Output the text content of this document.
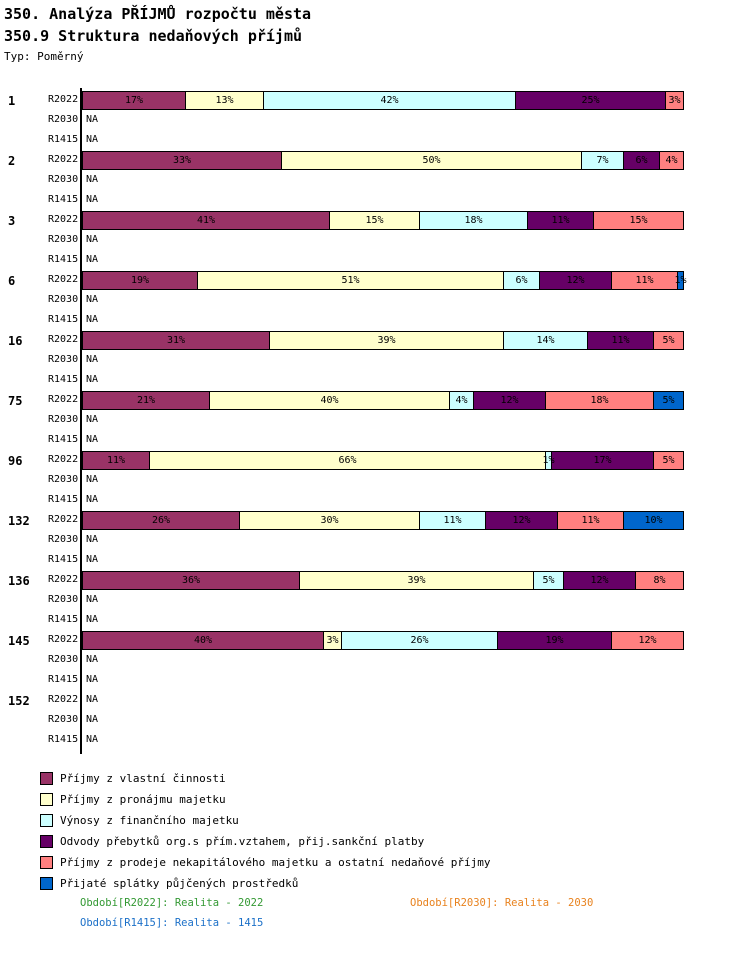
350. Analýza PŘÍJMŮ rozpočtu města
350.9 Struktura nedaňových příjmů
Typ: Poměrný
1	R2022	17%	13%	42%	25%	3%
R2030 NA
R1415 NA
2	R2022	33%	50%	7%	6% 4%
R2030 NA
R1415 NA
3	R2022	41%	15%	18%	11%	15%
R2030 NA
R1415 NA
6	R2022	19%	51%	6%	12%	11% 1%
R2030 NA
R1415 NA
16	R2022	31%	39%	14%	11%	5%
R2030 NA
R1415 NA
75	R2022	21%	40%	4%	12%	18%	5%
R2030 NA
R1415 NA
96	R2022	11%	66%	1%	17%	5%
R2030 NA
R1415 NA
132 R2022	26%	30%	11%	12%	11%	10%
R2030 NA
R1415 NA
136 R2022	36%	39%	5%	12%	8%
R2030 NA
R1415 NA
145 R2022	40%	3%	26%	19%	12%
R2030 NA
R1415 NA
152 R2022 NA
R2030 NA
R1415 NA
Příjmy z vlastní činnosti
Příjmy z pronájmu majetku
Výnosy z finančního majetku
Odvody přebytků org.s přím.vztahem, přij.sankční platby
Příjmy z prodeje nekapitálového majetku a ostatní nedaňové příjmy
Přijaté splátky půjčených prostředků
Období[R2022]: Realita - 2022	Období[R2030]: Realita - 2030
Období[R1415]: Realita - 1415
